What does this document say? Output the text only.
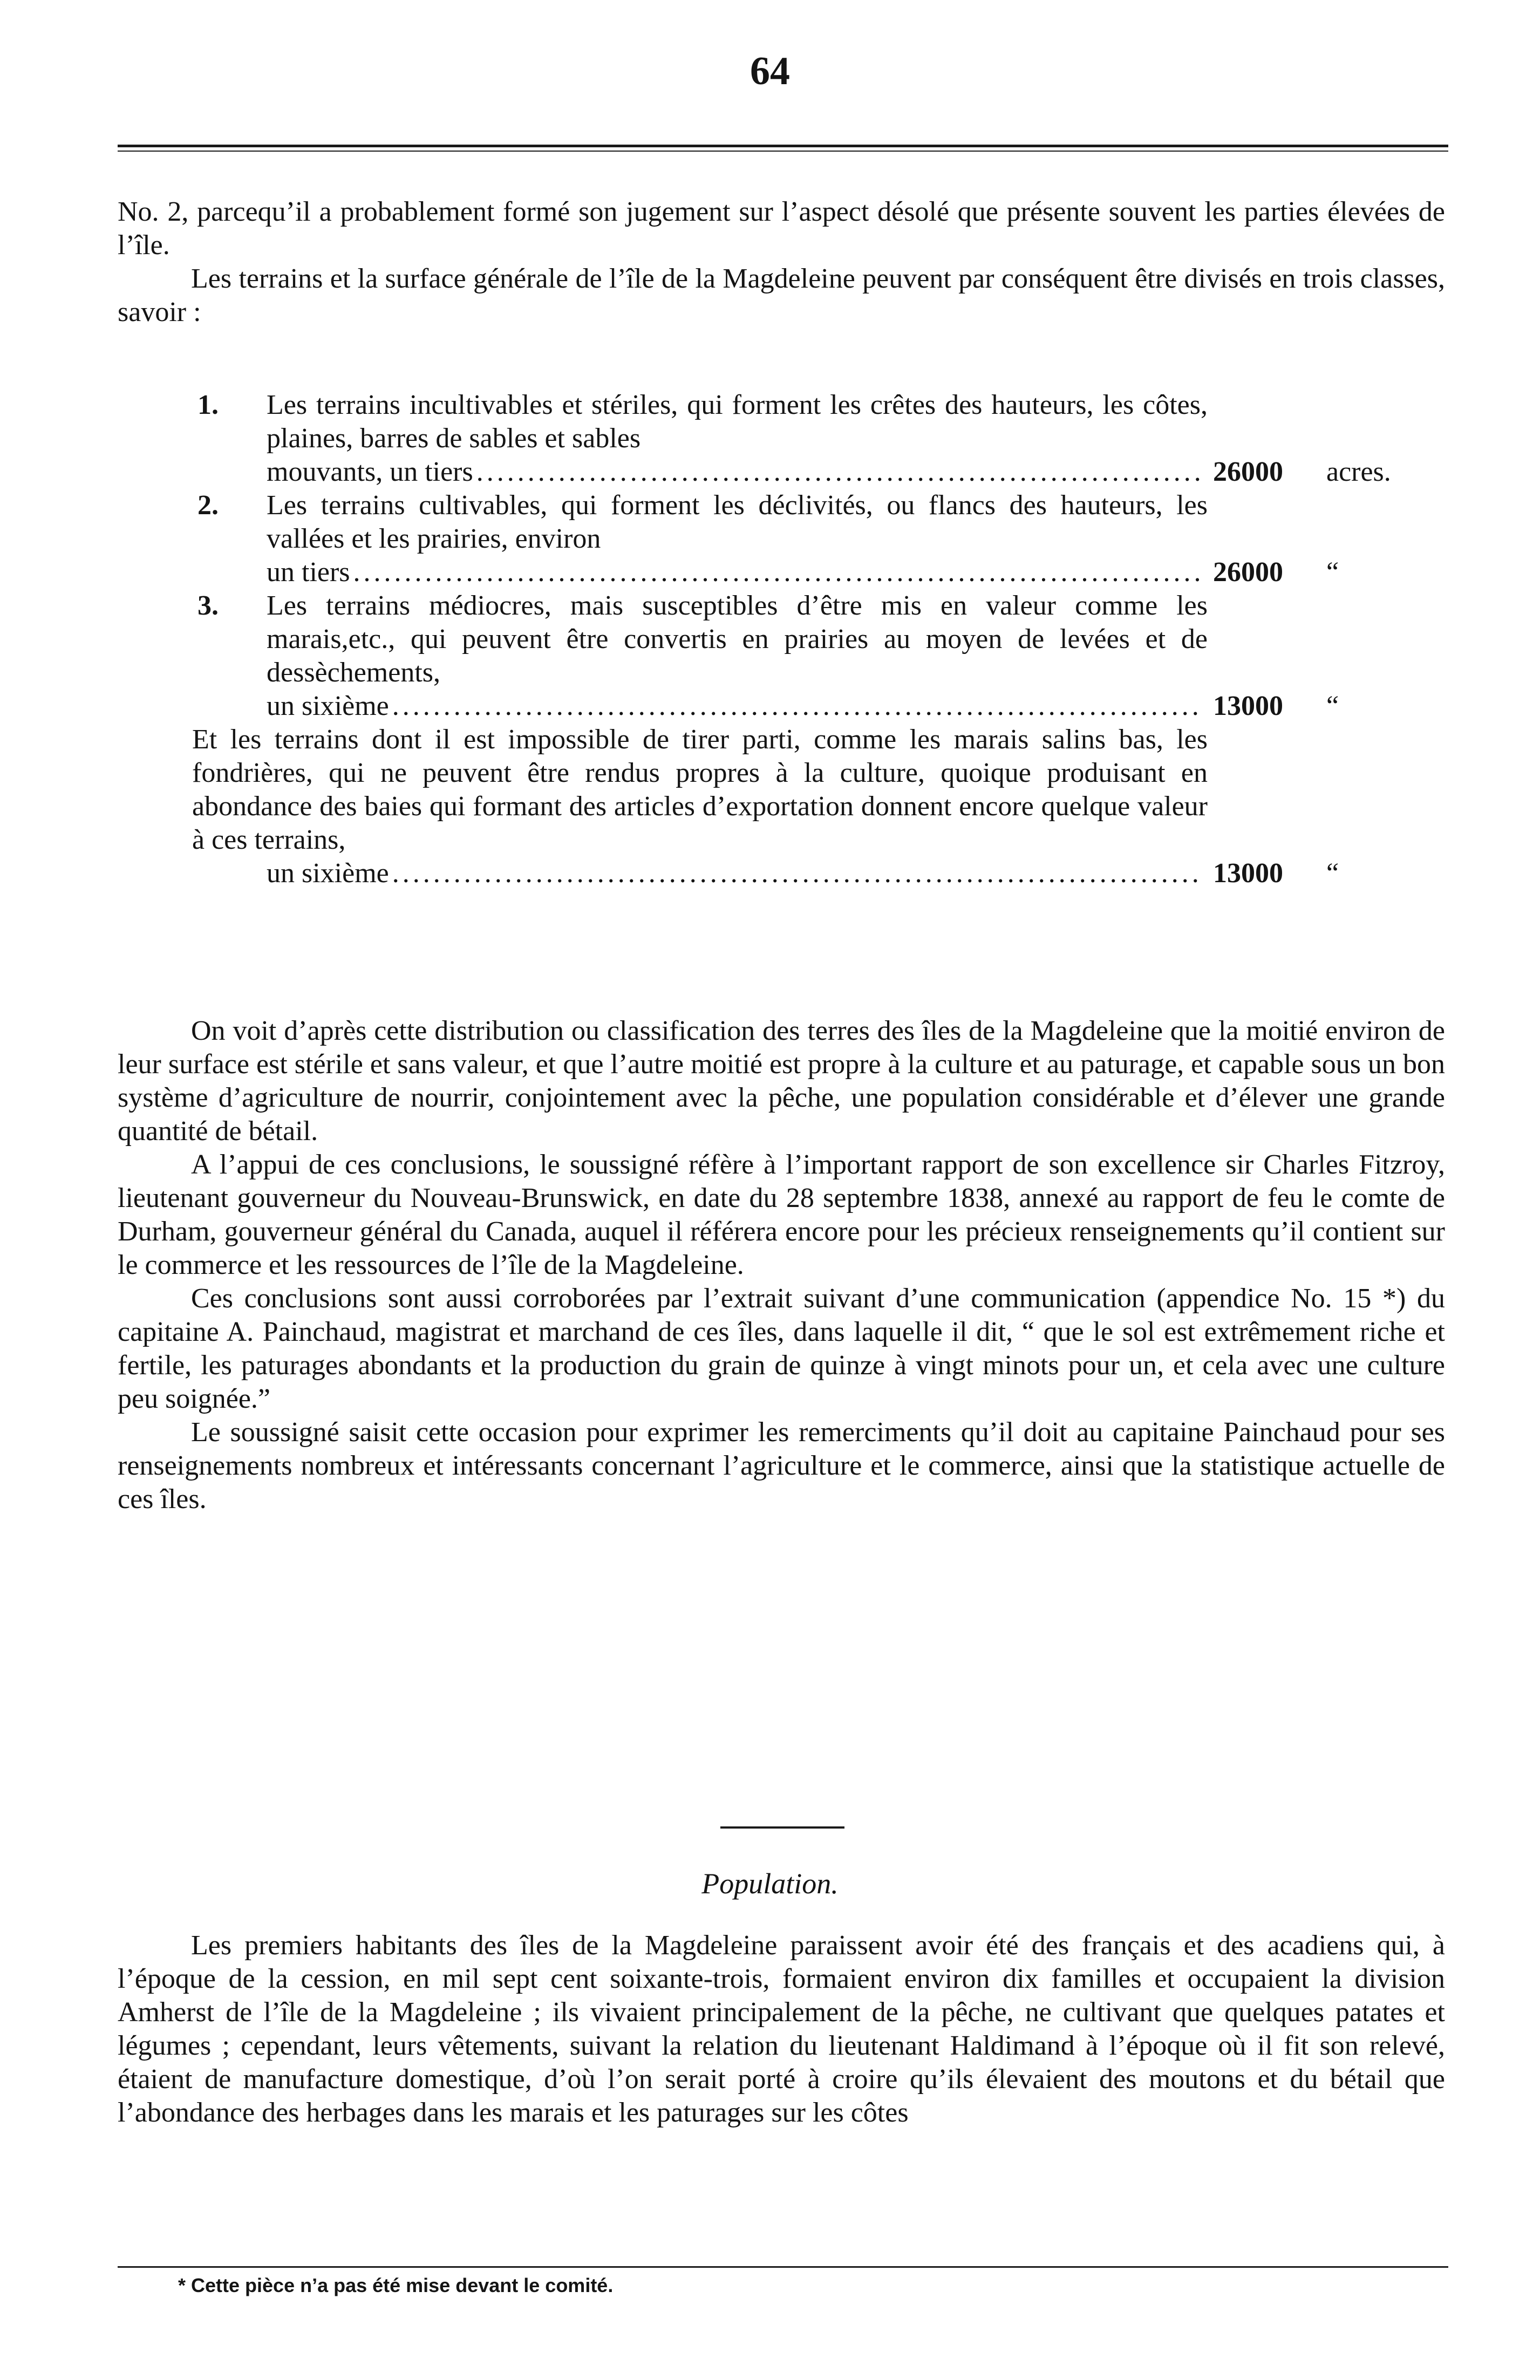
64

No. 2, parcequ’il a probablement formé son jugement sur l’aspect désolé que présente souvent les parties élevées de l’île.

Les terrains et la surface générale de l’île de la Magdeleine peuvent par conséquent être divisés en trois classes, savoir :

1. Les terrains incultivables et stériles, qui forment les crêtes des hauteurs, les côtes, plaines, barres de sables et sables
mouvants, un tiers .....	26000	acres.
2. Les terrains cultivables, qui forment les déclivités, ou flancs des hauteurs, les vallées et les prairies, environ
un tiers .....	26000	“
3. Les terrains médiocres, mais susceptibles d’être mis en valeur comme les marais,etc., qui peuvent être convertis en prairies au moyen de levées et de dessèchements,
un sixième .....	13000	“
Et les terrains dont il est impossible de tirer parti, comme les marais salins bas, les fondrières, qui ne peuvent être rendus propres à la culture, quoique produisant en abondance des baies qui formant des articles d’exportation donnent encore quelque valeur à ces terrains,
un sixième .....	13000	“

On voit d’après cette distribution ou classification des terres des îles de la Magdeleine que la moitié environ de leur surface est stérile et sans valeur, et que l’autre moitié est propre à la culture et au paturage, et capable sous un bon système d’agriculture de nourrir, conjointement avec la pêche, une population considérable et d’élever une grande quantité de bétail.

A l’appui de ces conclusions, le soussigné réfère à l’important rapport de son excellence sir Charles Fitzroy, lieutenant gouverneur du Nouveau-Brunswick, en date du 28 septembre 1838, annexé au rapport de feu le comte de Durham, gouverneur général du Canada, auquel il référera encore pour les précieux renseignements qu’il contient sur le commerce et les ressources de l’île de la Magdeleine.

Ces conclusions sont aussi corroborées par l’extrait suivant d’une communication (appendice No. 15 *) du capitaine A. Painchaud, magistrat et marchand de ces îles, dans laquelle il dit, “ que le sol est extrêmement riche et fertile, les paturages abondants et la production du grain de quinze à vingt minots pour un, et cela avec une culture peu soignée.”

Le soussigné saisit cette occasion pour exprimer les remerciments qu’il doit au capitaine Painchaud pour ses renseignements nombreux et intéressants concernant l’agriculture et le commerce, ainsi que la statistique actuelle de ces îles.

Population.

Les premiers habitants des îles de la Magdeleine paraissent avoir été des français et des acadiens qui, à l’époque de la cession, en mil sept cent soixante-trois, formaient environ dix familles et occupaient la division Amherst de l’île de la Magdeleine ; ils vivaient principalement de la pêche, ne cultivant que quelques patates et légumes ; cependant, leurs vêtements, suivant la relation du lieutenant Haldimand à l’époque où il fit son relevé, étaient de manufacture domestique, d’où l’on serait porté à croire qu’ils élevaient des moutons et du bétail que l’abondance des herbages dans les marais et les paturages sur les côtes

* Cette pièce n’a pas été mise devant le comité.
